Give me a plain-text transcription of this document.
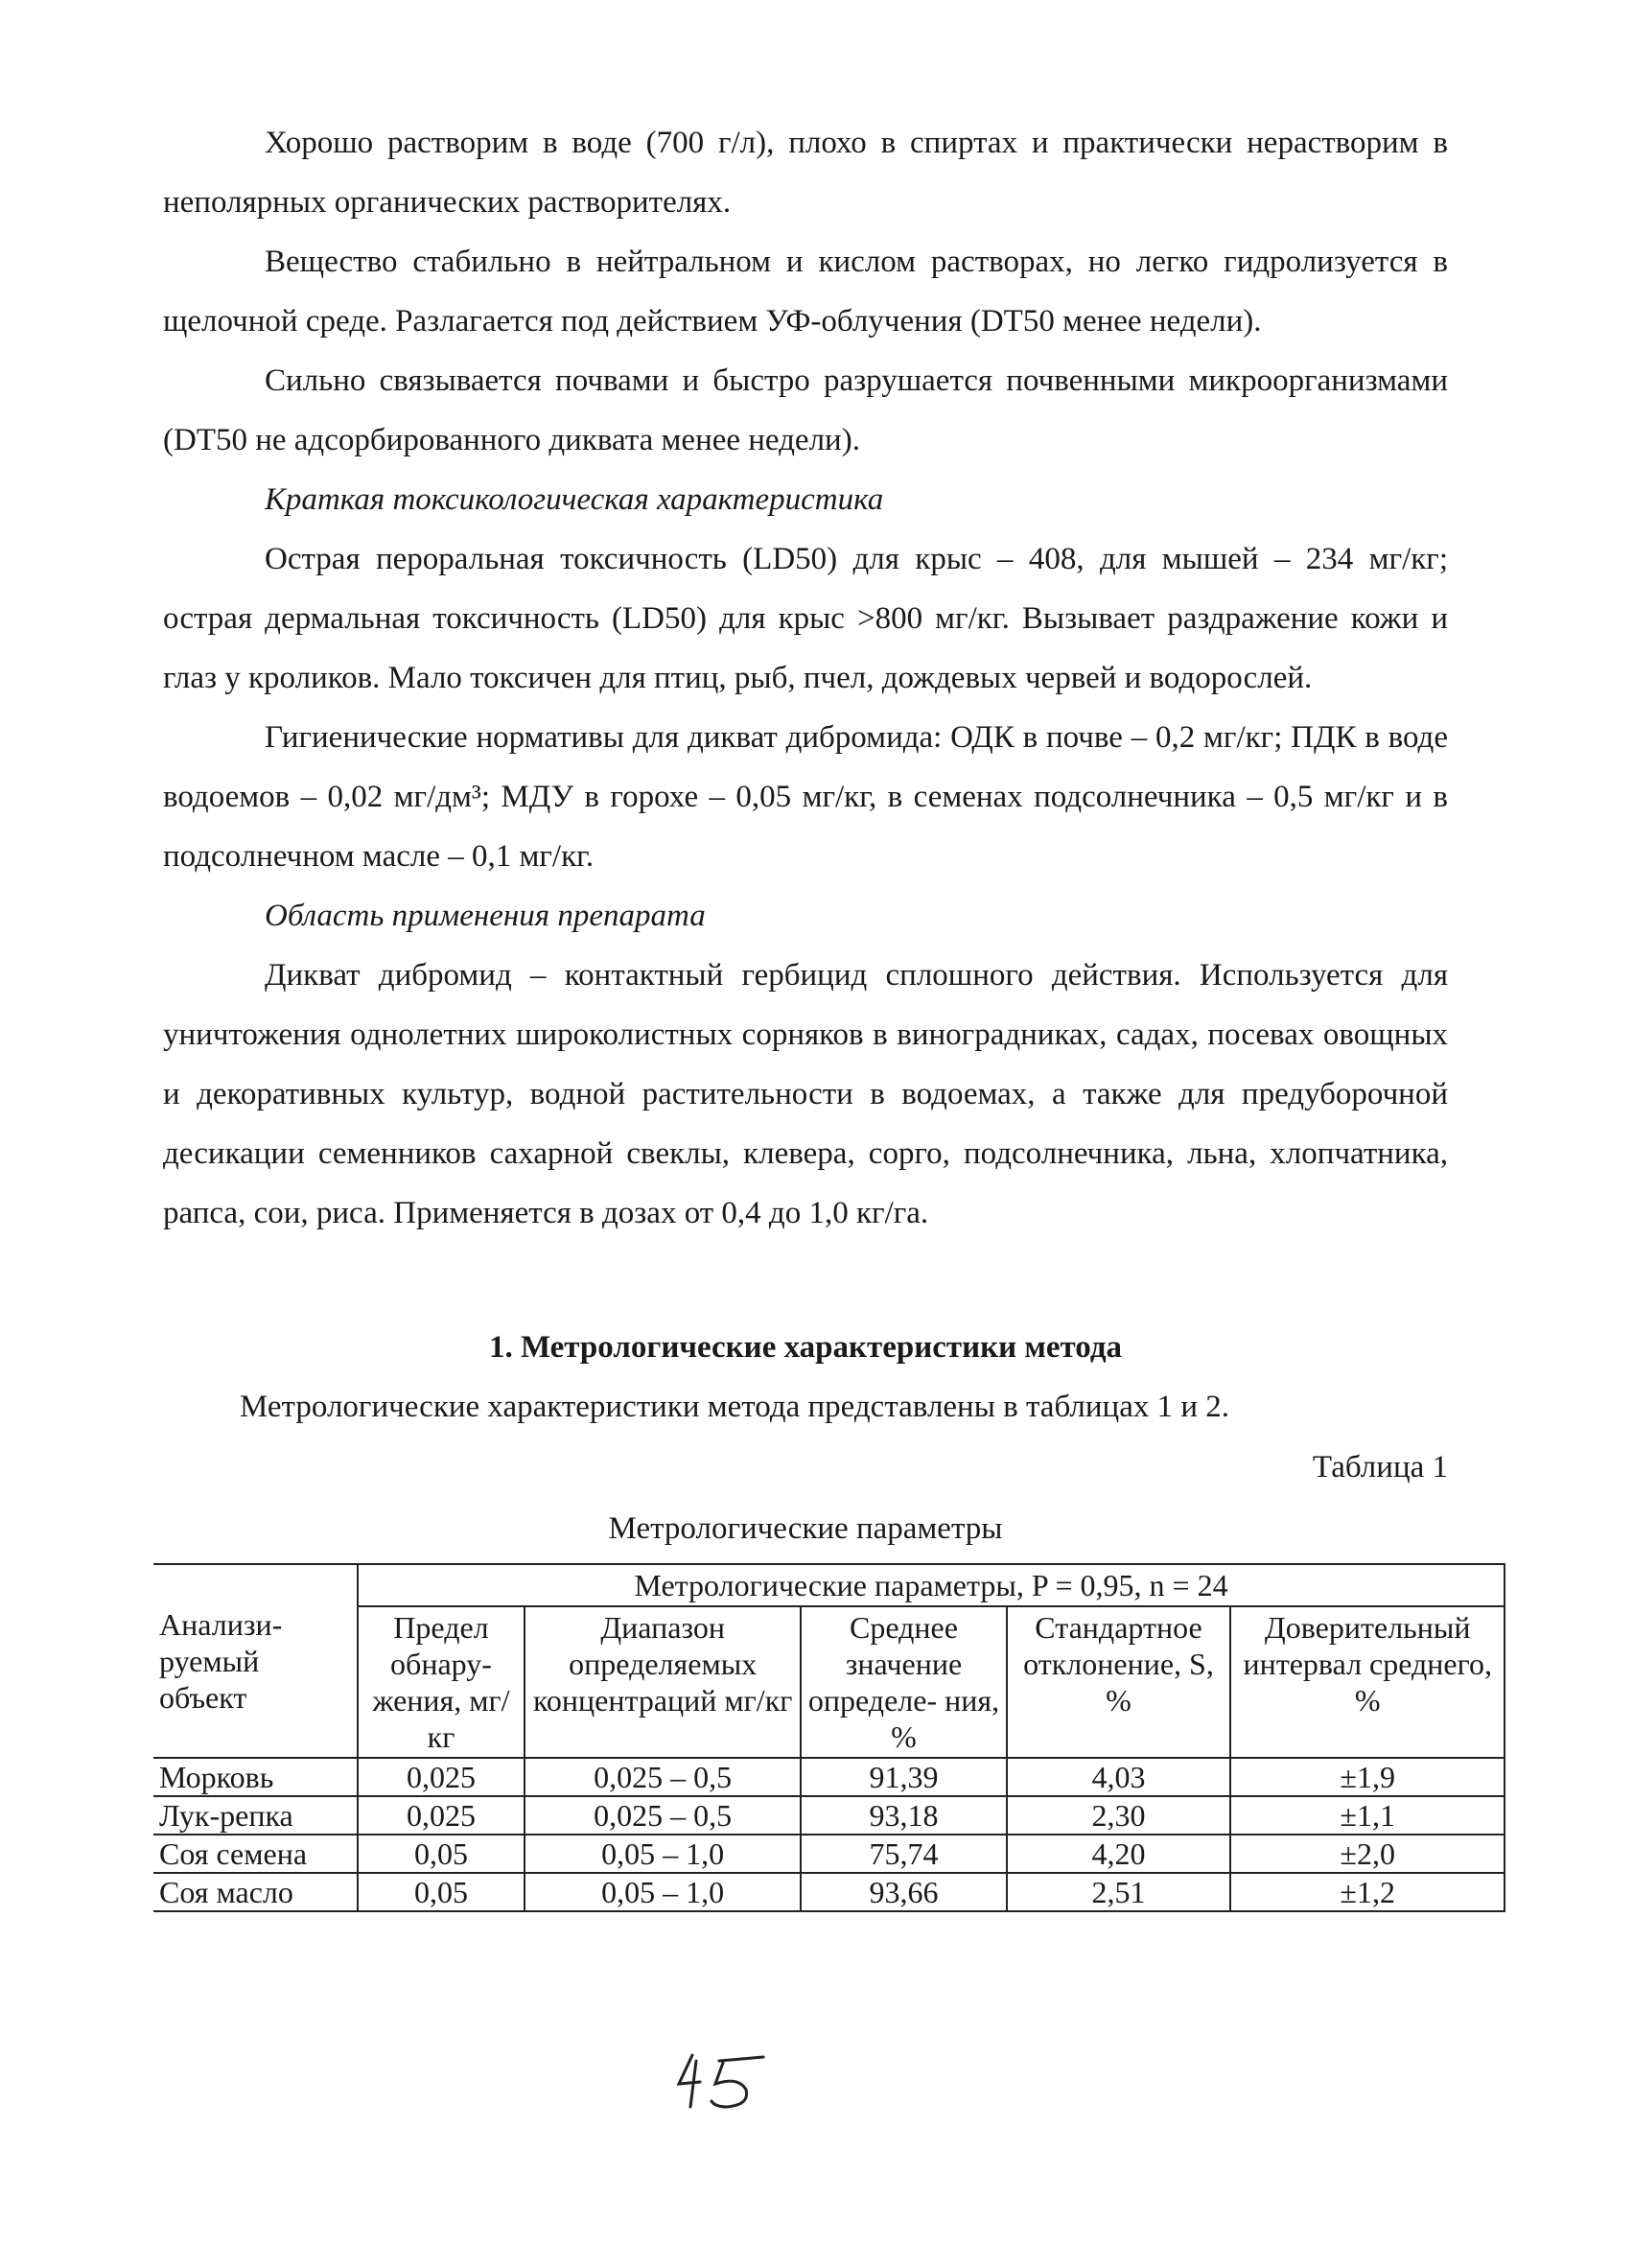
Хорошо растворим в воде (700 г/л), плохо в спиртах и практически нерастворим в неполярных органических растворителях.

Вещество стабильно в нейтральном и кислом растворах, но легко гидролизуется в щелочной среде. Разлагается под действием УФ-облучения (DT50 менее недели).

Сильно связывается почвами и быстро разрушается почвенными микроорганизмами (DT50 не адсорбированного диквата менее недели).

Краткая токсикологическая характеристика

Острая пероральная токсичность (LD50) для крыс – 408, для мышей – 234 мг/кг; острая дермальная токсичность (LD50) для крыс >800 мг/кг. Вызывает раздражение кожи и глаз у кроликов. Мало токсичен для птиц, рыб, пчел, дождевых червей и водорослей.

Гигиенические нормативы для дикват дибромида: ОДК в почве – 0,2 мг/кг; ПДК в воде водоемов – 0,02 мг/дм³; МДУ в горохе – 0,05 мг/кг, в семенах подсолнечника – 0,5 мг/кг и в подсолнечном масле – 0,1 мг/кг.

Область применения препарата

Дикват дибромид – контактный гербицид сплошного действия. Используется для уничтожения однолетних широколистных сорняков в виноградниках, садах, посевах овощных и декоративных культур, водной растительности в водоемах, а также для предуборочной десикации семенников сахарной свеклы, клевера, сорго, подсолнечника, льна, хлопчатника, рапса, сои, риса. Применяется в дозах от 0,4 до 1,0 кг/га.

1. Метрологические характеристики метода

Метрологические характеристики метода представлены в таблицах 1 и 2.

Таблица 1

Метрологические параметры

Анализи- руемый объект	Метрологические параметры, P = 0,95, n = 24				
	Предел обнару- жения, мг/кг	Диапазон определяемых концентраций мг/кг	Среднее значение определе- ния, %	Стандартное отклонение, S, %	Доверительный интервал среднего, %
Морковь	0,025	0,025 – 0,5	91,39	4,03	±1,9
Лук-репка	0,025	0,025 – 0,5	93,18	2,30	±1,1
Соя семена	0,05	0,05 – 1,0	75,74	4,20	±2,0
Соя масло	0,05	0,05 – 1,0	93,66	2,51	±1,2
